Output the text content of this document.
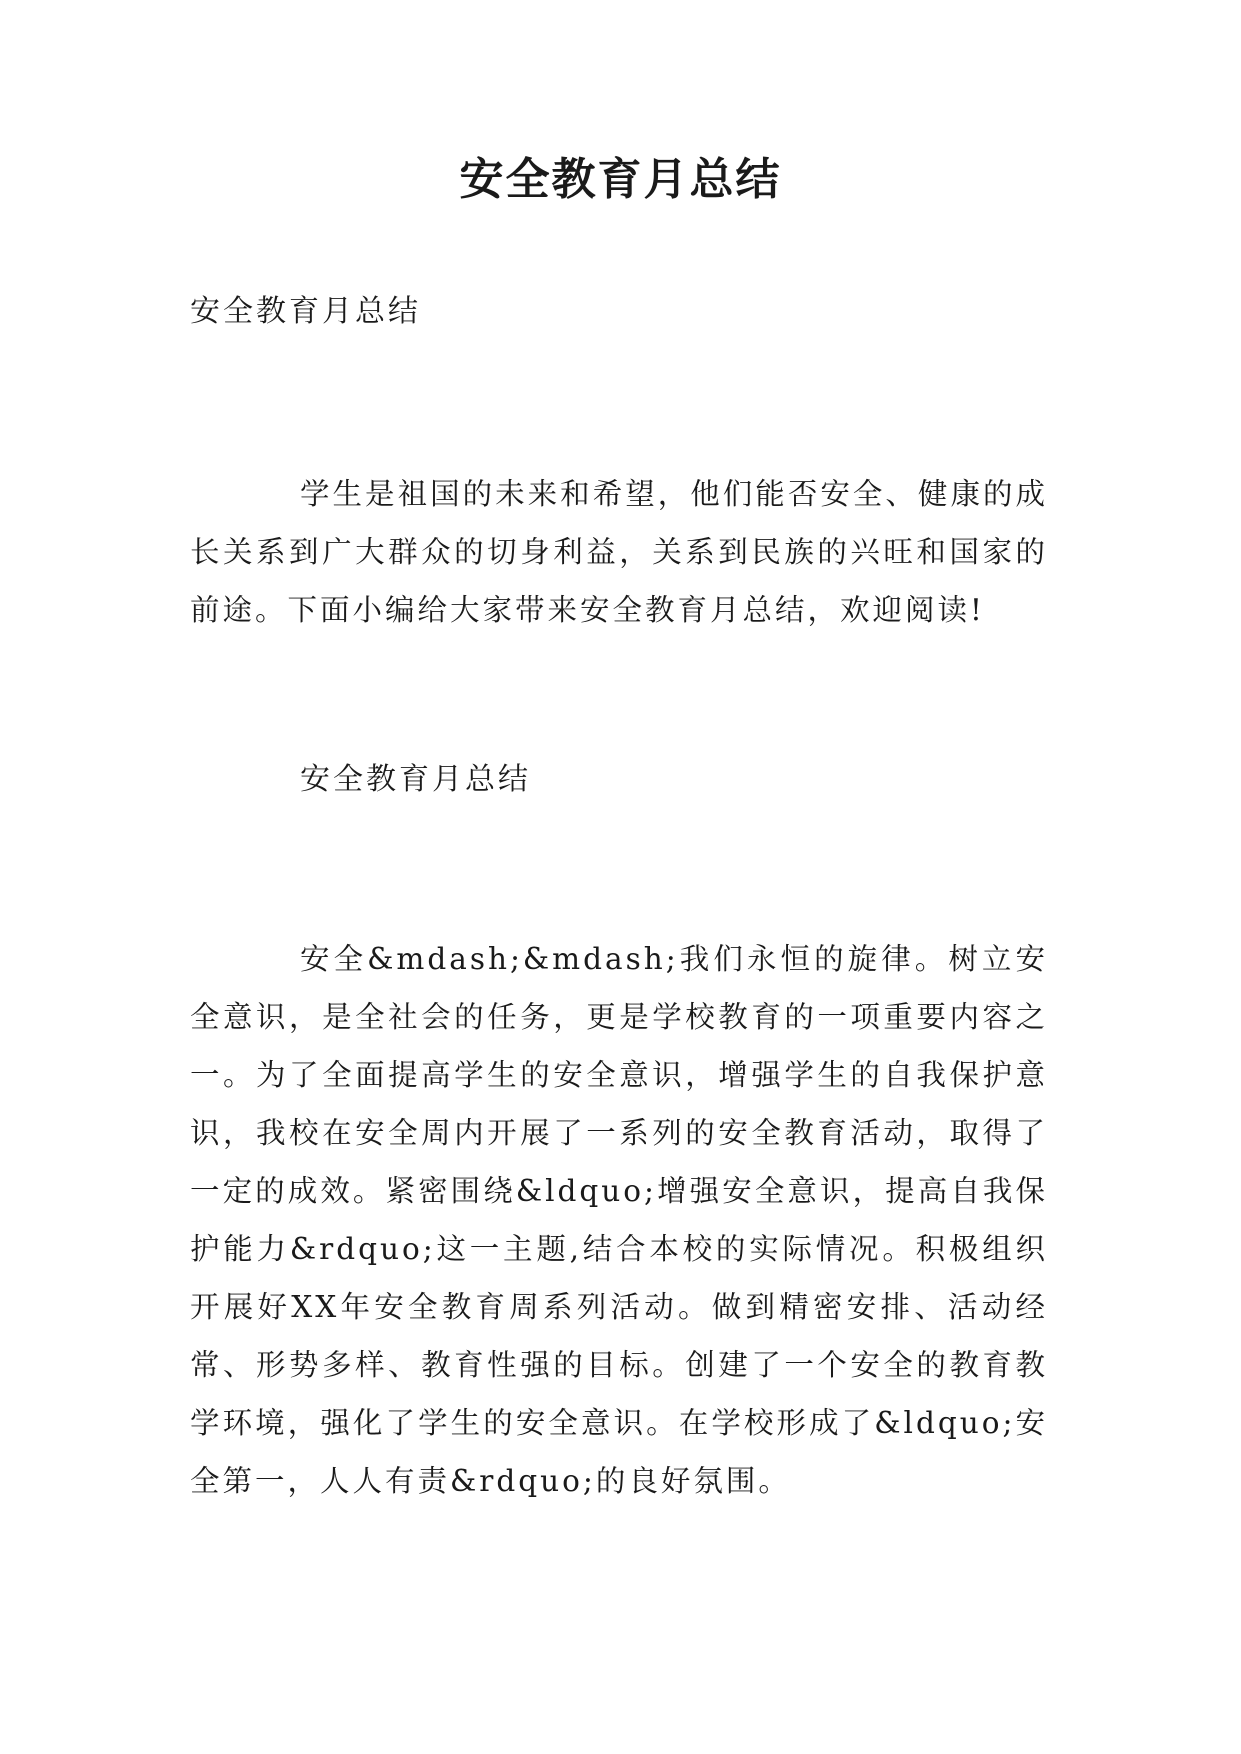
安全教育月总结

安全教育月总结

学生是祖国的未来和希望，他们能否安全、健康的成长关系到广大群众的切身利益，关系到民族的兴旺和国家的前途。下面小编给大家带来安全教育月总结，欢迎阅读!

安全教育月总结

安全&mdash;&mdash;我们永恒的旋律。树立安全意识，是全社会的任务，更是学校教育的一项重要内容之一。为了全面提高学生的安全意识，增强学生的自我保护意识，我校在安全周内开展了一系列的安全教育活动，取得了一定的成效。紧密围绕&ldquo;增强安全意识，提高自我保护能力&rdquo;这一主题,结合本校的实际情况。积极组织开展好XX年安全教育周系列活动。做到精密安排、活动经常、形势多样、教育性强的目标。创建了一个安全的教育教学环境，强化了学生的安全意识。在学校形成了&ldquo;安全第一，人人有责&rdquo;的良好氛围。
